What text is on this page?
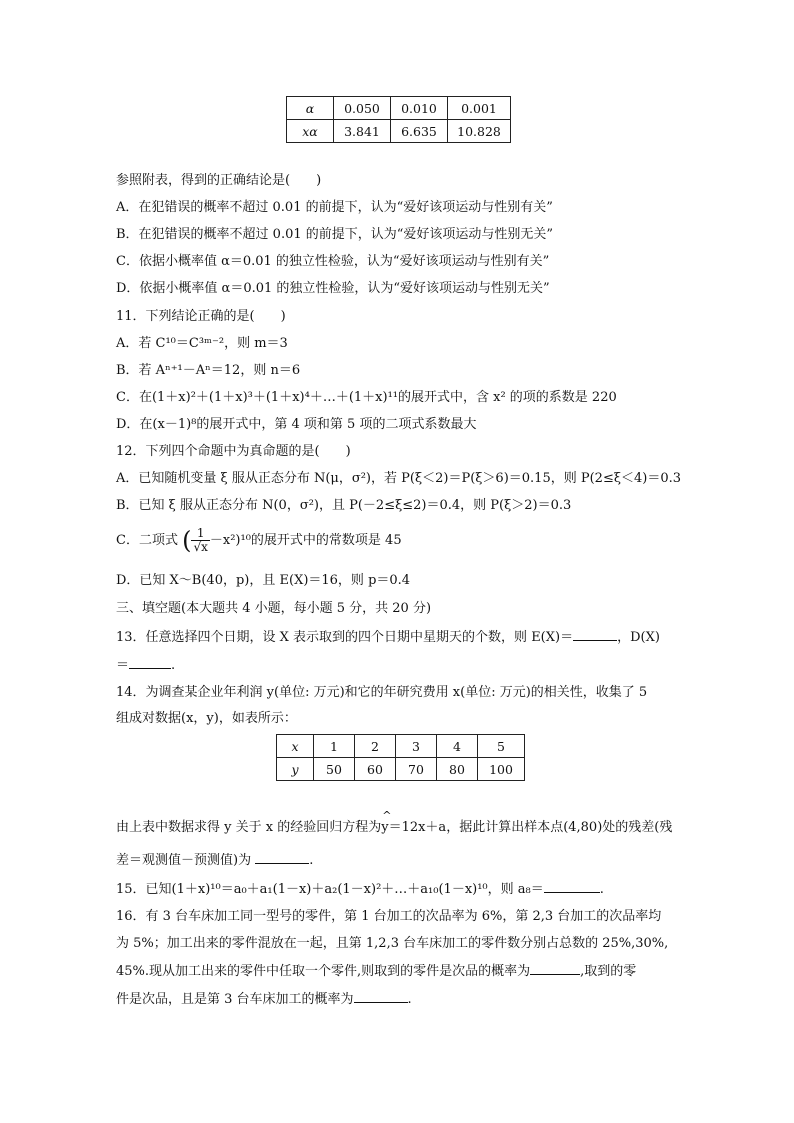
α	0.050	0.010	0.001
xα	3.841	6.635	10.828
参照附表，得到的正确结论是(　　)
A．在犯错误的概率不超过 0.01 的前提下，认为“爱好该项运动与性别有关”
B．在犯错误的概率不超过 0.01 的前提下，认为“爱好该项运动与性别无关”
C．依据小概率值 α＝0.01 的独立性检验，认为“爱好该项运动与性别有关”
D．依据小概率值 α＝0.01 的独立性检验，认为“爱好该项运动与性别无关”
11．下列结论正确的是(　　)
A．若 C¹⁰＝C³ᵐ⁻²，则 m＝3
B．若 Aⁿ⁺¹－Aⁿ＝12，则 n＝6
C．在(1＋x)²＋(1＋x)³＋(1＋x)⁴＋…＋(1＋x)¹¹的展开式中，含 x² 的项的系数是 220
D．在(x－1)⁸的展开式中，第 4 项和第 5 项的二项式系数最大
12．下列四个命题中为真命题的是(　　)
A．已知随机变量 ξ 服从正态分布 N(μ，σ²)，若 P(ξ＜2)＝P(ξ＞6)＝0.15，则 P(2≤ξ＜4)＝0.3
B．已知 ξ 服从正态分布 N(0，σ²)，且 P(－2≤ξ≤2)＝0.4，则 P(ξ＞2)＝0.3
C．二项式 ( $\frac{1}{√x} -x^2)^{10}$的展开式中的常数项是 45
D．已知 X～B(40，p)，且 E(X)＝16，则 p＝0.4
三、填空题(本大题共 4 小题，每小题 5 分，共 20 分)
13．任意选择四个日期，设 X 表示取到的四个日期中星期天的个数，则 E(X)＝	，D(X)
＝	.
14．为调查某企业年利润 y(单位: 万元)和它的年研究费用 x(单位: 万元)的相关性，收集了 5
组成对数据(x，y)，如表所示：
x	1	2	3	4	5
y	50	60	70	80	100
由上表中数据求得 y 关于 x 的经验回归方程为^ y＝12x＋a，据此计算出样本点(4,80)处的残差(残
差＝观测值－预测值)为	.
15．已知(1＋x)¹⁰＝a₀＋a₁(1－x)＋a₂(1－x)²＋…＋a₁₀(1－x)¹⁰，则 a₈＝	.
16．有 3 台车床加工同一型号的零件，第 1 台加工的次品率为 6%，第 2,3 台加工的次品率均
为 5%；加工出来的零件混放在一起，且第 1,2,3 台车床加工的零件数分别占总数的 25%,30%,
45%.现从加工出来的零件中任取一个零件,则取到的零件是次品的概率为	,取到的零
件是次品，且是第 3 台车床加工的概率为	.
